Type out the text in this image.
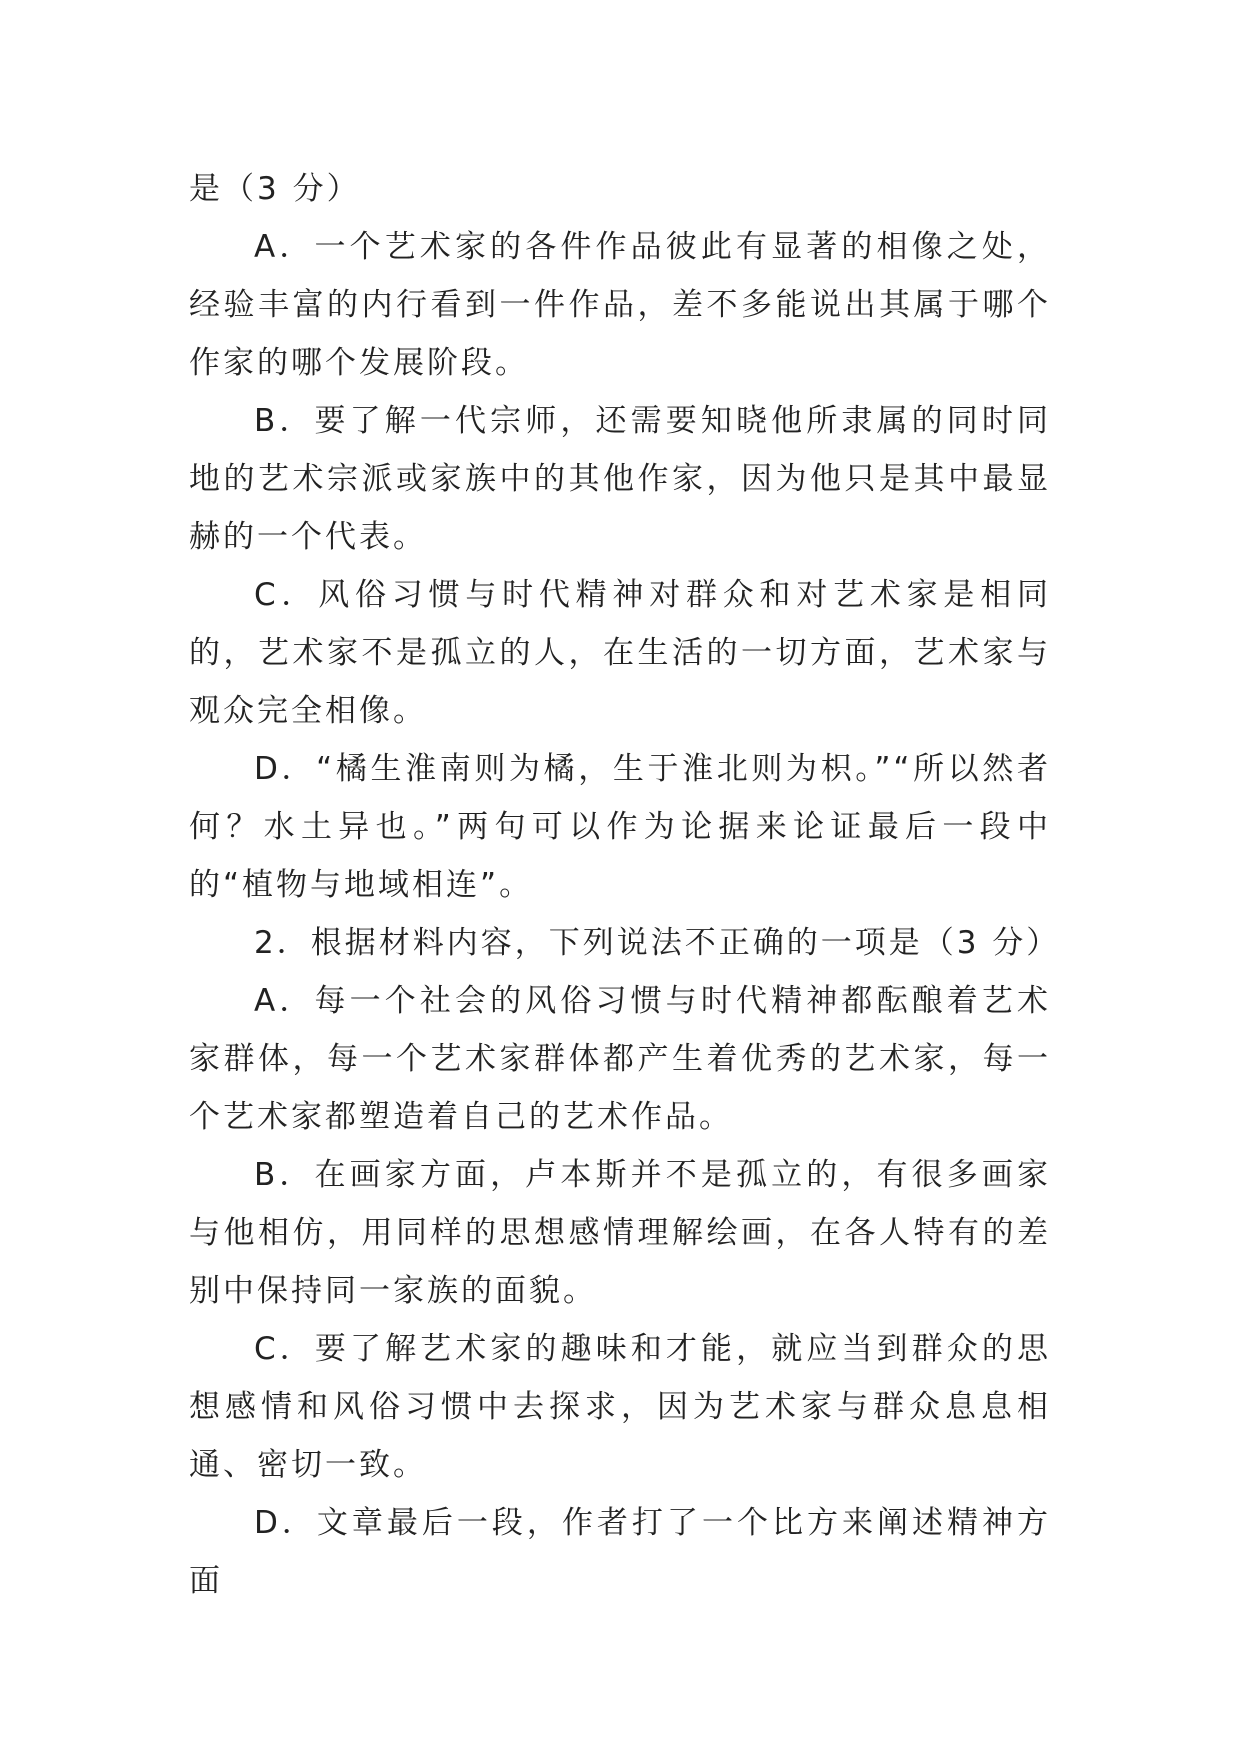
是（3 分）

A．一个艺术家的各件作品彼此有显著的相像之处，经验丰富的内行看到一件作品，差不多能说出其属于哪个作家的哪个发展阶段。

B．要了解一代宗师，还需要知晓他所隶属的同时同地的艺术宗派或家族中的其他作家，因为他只是其中最显赫的一个代表。

C．风俗习惯与时代精神对群众和对艺术家是相同的，艺术家不是孤立的人，在生活的一切方面，艺术家与观众完全相像。

D．“橘生淮南则为橘，生于淮北则为枳。”“所以然者何？水土异也。”两句可以作为论据来论证最后一段中的“植物与地域相连”。

2．根据材料内容，下列说法不正确的一项是（3 分）

A．每一个社会的风俗习惯与时代精神都酝酿着艺术家群体，每一个艺术家群体都产生着优秀的艺术家，每一个艺术家都塑造着自己的艺术作品。

B．在画家方面，卢本斯并不是孤立的，有很多画家与他相仿，用同样的思想感情理解绘画，在各人特有的差别中保持同一家族的面貌。

C．要了解艺术家的趣味和才能，就应当到群众的思想感情和风俗习惯中去探求，因为艺术家与群众息息相通、密切一致。

D．文章最后一段，作者打了一个比方来阐述精神方面
